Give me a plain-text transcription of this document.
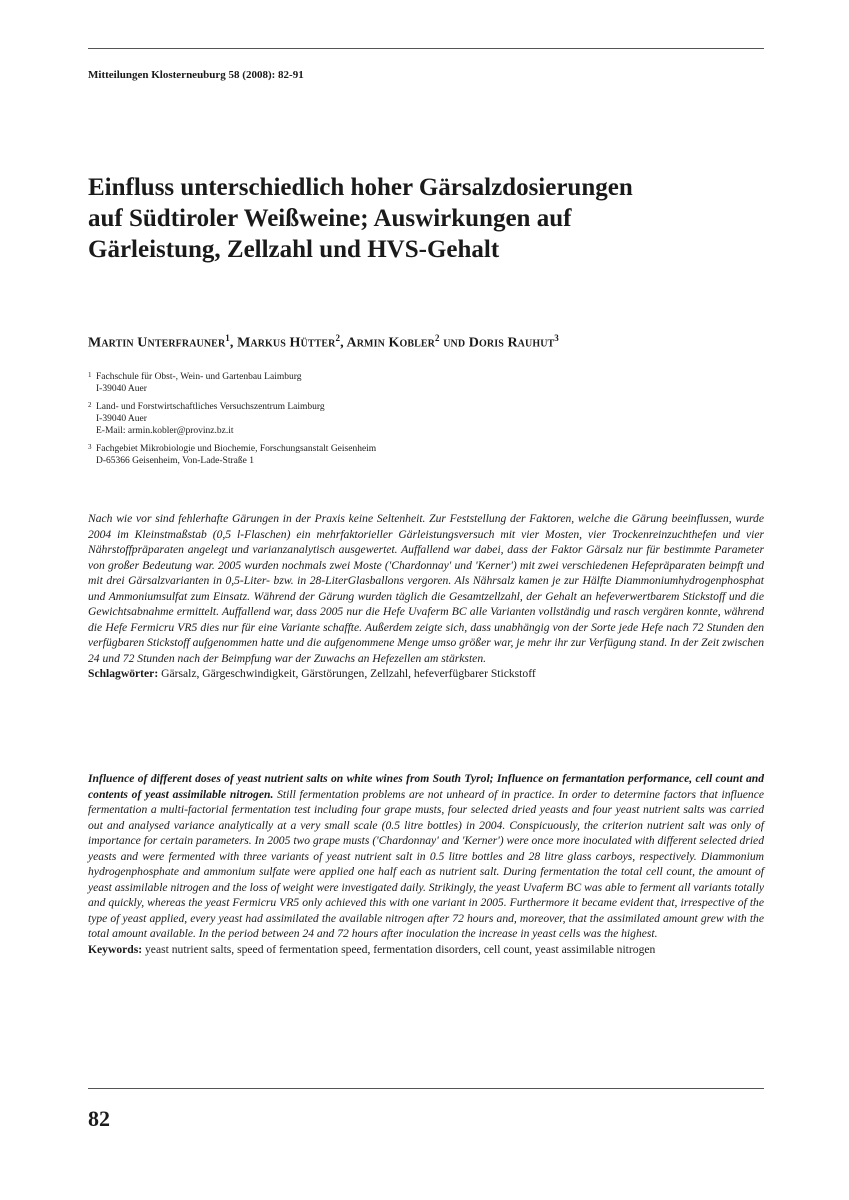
Mitteilungen Klosterneuburg 58 (2008): 82-91
Einfluss unterschiedlich hoher Gärsalzdosierungen
auf Südtiroler Weißweine; Auswirkungen auf
Gärleistung, Zellzahl und HVS-Gehalt
Martin Unterfrauner$^1$, Markus Hütter$^2$, Armin Kobler$^2$ und Doris Rauhut$^3$
1 Fachschule für Obst-, Wein- und Gartenbau Laimburg
I-39040 Auer
2 Land- und Forstwirtschaftliches Versuchszentrum Laimburg
I-39040 Auer
E-Mail: armin.kobler@provinz.bz.it
3 Fachgebiet Mikrobiologie und Biochemie, Forschungsanstalt Geisenheim
D-65366 Geisenheim, Von-Lade-Straße 1
Nach wie vor sind fehlerhafte Gärungen in der Praxis keine Seltenheit. Zur Feststellung der Faktoren, welche die Gärung beeinflussen, wurde 2004 im Kleinstmaßstab (0,5 l-Flaschen) ein mehrfaktorieller Gärleistungsversuch mit vier Mosten, vier Trockenreinzuchthefen und vier Nährstoffpräparaten angelegt und varianzanalytisch ausgewertet. Auffallend war dabei, dass der Faktor Gärsalz nur für bestimmte Parameter von großer Bedeutung war. 2005 wurden nochmals zwei Moste ('Chardonnay' und 'Kerner') mit zwei verschiedenen Hefepräparaten beimpft und mit drei Gärsalzvarianten in 0,5-Liter- bzw. in 28-LiterGlasballons vergoren. Als Nährsalz kamen je zur Hälfte Diammoniumhydrogenphosphat und Ammoniumsulfat zum Einsatz. Während der Gärung wurden täglich die Gesamtzellzahl, der Gehalt an hefeverwertbarem Stickstoff und die Gewichtsabnahme ermittelt. Auffallend war, dass 2005 nur die Hefe Uvaferm BC alle Varianten vollständig und rasch vergären konnte, während die Hefe Fermicru VR5 dies nur für eine Variante schaffte. Außerdem zeigte sich, dass unabhängig von der Sorte jede Hefe nach 72 Stunden den verfügbaren Stickstoff aufgenommen hatte und die aufgenommene Menge umso größer war, je mehr ihr zur Verfügung stand. In der Zeit zwischen 24 und 72 Stunden nach der Beimpfung war der Zuwachs an Hefezellen am stärksten.
Schlagwörter: Gärsalz, Gärgeschwindigkeit, Gärstörungen, Zellzahl, hefeverfügbarer Stickstoff
Influence of different doses of yeast nutrient salts on white wines from South Tyrol; Influence on fermantation performance, cell count and contents of yeast assimilable nitrogen. Still fermentation problems are not unheard of in practice. In order to determine factors that influence fermentation a multi-factorial fermentation test including four grape musts, four selected dried yeasts and four yeast nutrient salts was carried out and analysed variance analytically at a very small scale (0.5 litre bottles) in 2004. Conspicuously, the criterion nutrient salt was only of importance for certain parameters. In 2005 two grape musts ('Chardonnay' and 'Kerner') were once more inoculated with different selected dried yeasts and were fermented with three variants of yeast nutrient salt in 0.5 litre bottles and 28 litre glass carboys, respectively. Diammonium hydrogenphosphate and ammonium sulfate were applied one half each as nutrient salt. During fermentation the total cell count, the amount of yeast assimilable nitrogen and the loss of weight were investigated daily. Strikingly, the yeast Uvaferm BC was able to ferment all variants totally and quickly, whereas the yeast Fermicru VR5 only achieved this with one variant in 2005. Furthermore it became evident that, irrespective of the type of yeast applied, every yeast had assimilated the available nitrogen after 72 hours and, moreover, that the assimilated amount grew with the total amount available. In the period between 24 and 72 hours after inoculation the increase in yeast cells was the highest.
Keywords: yeast nutrient salts, speed of fermentation speed, fermentation disorders, cell count, yeast assimilable nitrogen
82
